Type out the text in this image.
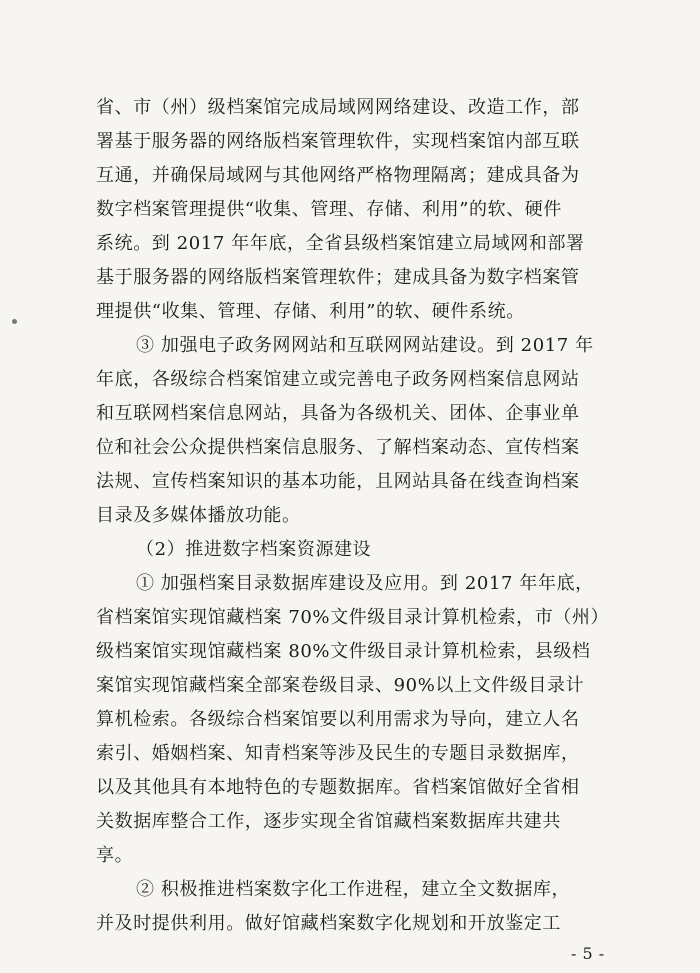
省、市（州）级档案馆完成局域网网络建设、改造工作，部
署基于服务器的网络版档案管理软件，实现档案馆内部互联
互通，并确保局域网与其他网络严格物理隔离；建成具备为
数字档案管理提供“收集、管理、存储、利用”的软、硬件
系统。到 2017 年年底，全省县级档案馆建立局域网和部署
基于服务器的网络版档案管理软件；建成具备为数字档案管
理提供“收集、管理、存储、利用”的软、硬件系统。
③ 加强电子政务网网站和互联网网站建设。到 2017 年
年底，各级综合档案馆建立或完善电子政务网档案信息网站
和互联网档案信息网站，具备为各级机关、团体、企事业单
位和社会公众提供档案信息服务、了解档案动态、宣传档案
法规、宣传档案知识的基本功能，且网站具备在线查询档案
目录及多媒体播放功能。
（2）推进数字档案资源建设
① 加强档案目录数据库建设及应用。到 2017 年年底，
省档案馆实现馆藏档案 70%文件级目录计算机检索，市（州）
级档案馆实现馆藏档案 80%文件级目录计算机检索，县级档
案馆实现馆藏档案全部案卷级目录、90%以上文件级目录计
算机检索。各级综合档案馆要以利用需求为导向，建立人名
索引、婚姻档案、知青档案等涉及民生的专题目录数据库，
以及其他具有本地特色的专题数据库。省档案馆做好全省相
关数据库整合工作，逐步实现全省馆藏档案数据库共建共
享。
② 积极推进档案数字化工作进程，建立全文数据库，
并及时提供利用。做好馆藏档案数字化规划和开放鉴定工
- 5 -
